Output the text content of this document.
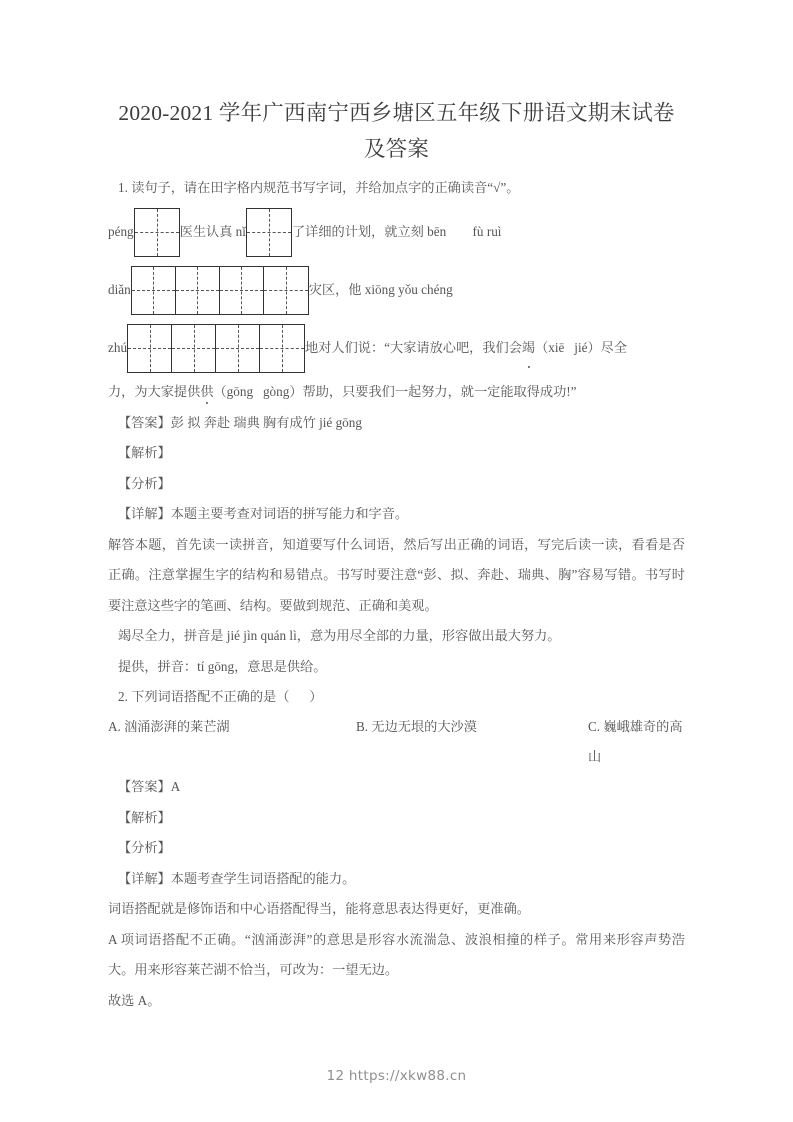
2020-2021 学年广西南宁西乡塘区五年级下册语文期末试卷
及答案

1. 读句子，请在田字格内规范书写字词，并给加点字的正确读音“√”。

péng	医生认真 nǐ	了详细的计划，就立刻 bēn        fù ruì
diǎn	灾区，他 xiōng yǒu chéng
zhú	地对人们说：“大家请放心吧，我们会 竭 （xiē   jié）尽全

力，为大家提供供（gōng   gòng）帮助，只要我们一起努力，就一定能取得成功!”

【答案】彭 拟 奔赴 瑞典 胸有成竹 jié gōng

【解析】

【分析】

【详解】本题主要考查对词语的拼写能力和字音。

解答本题，首先读一读拼音，知道要写什么词语，然后写出正确的词语，写完后读一读，看看是否正确。注意掌握生字的结构和易错点。书写时要注意“彭、拟、奔赴、瑞典、胸”容易写错。书写时要注意这些字的笔画、结构。要做到规范、正确和美观。

竭尽全力，拼音是 jié jìn quán lì，意为用尽全部的力量，形容做出最大努力。

提供，拼音：tí gōng，意思是供给。

2. 下列词语搭配不正确的是（      ）

A. 汹涌澎湃的莱芒湖	B. 无边无垠的大沙漠	C. 巍峨雄奇的高山

【答案】A

【解析】

【分析】

【详解】本题考查学生词语搭配的能力。

词语搭配就是修饰语和中心语搭配得当，能将意思表达得更好，更准确。

A 项词语搭配不正确。“汹涌澎湃”的意思是形容水流湍急、波浪相撞的样子。常用来形容声势浩大。用来形容莱芒湖不恰当，可改为：一望无边。

故选 A。

12 https://xkw88.cn
